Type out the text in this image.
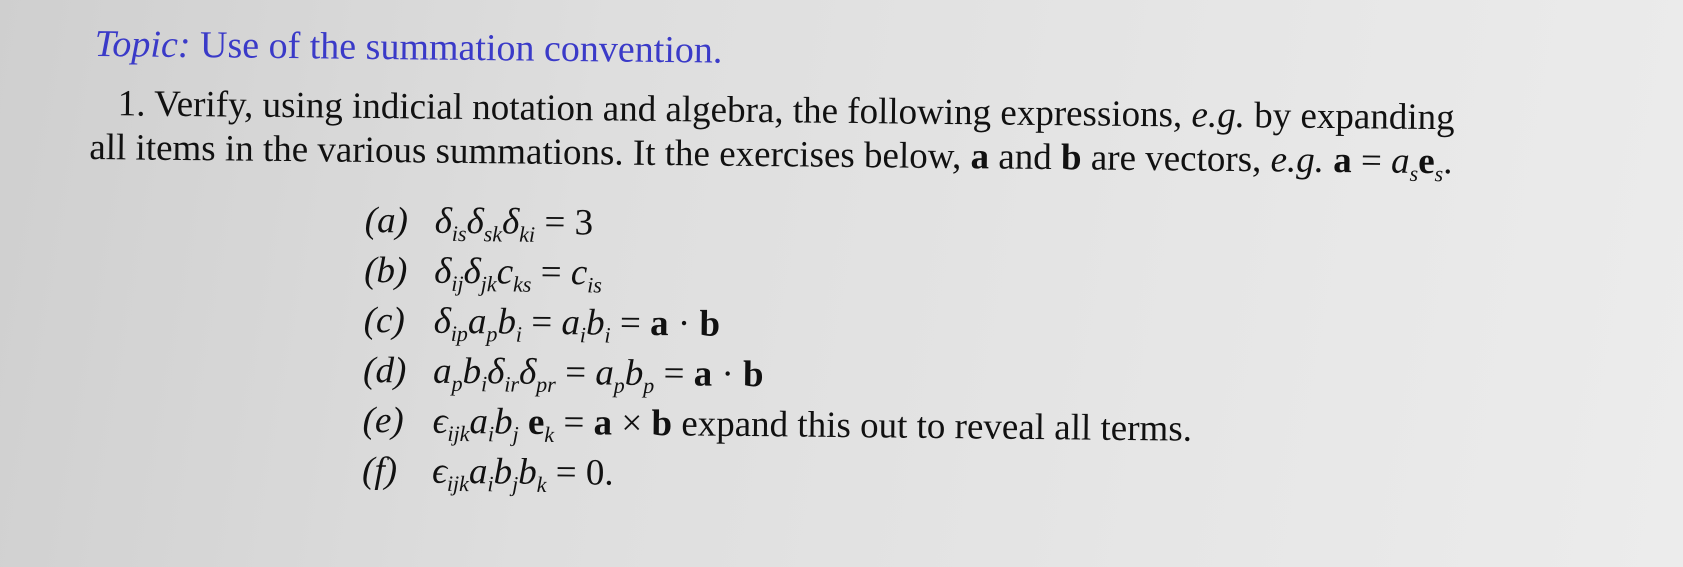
Topic: Use of the summation convention.
1. Verify, using indicial notation and algebra, the following expressions, e.g. by expanding
all items in the various summations. It the exercises below, a and b are vectors, e.g. $a = a_se_s$.
(a) $\delta_{is}\delta_{sk}\delta_{ki} = 3$
(b) $\delta_{ij}\delta_{jk}c_{ks} = c_{is}$
(c) $\delta_{ip}a_pb_i = a_ib_i = a \cdot b$
(d) $a_pb_i\delta_{ir}\delta_{pr} = a_pb_p = a \cdot b$
(e) $\epsilon_{ijk}a_ib_j$ $e_k = a \times b$ expand this out to reveal all terms.
(f) $\epsilon_{ijk}a_ib_jb_k = 0$.
